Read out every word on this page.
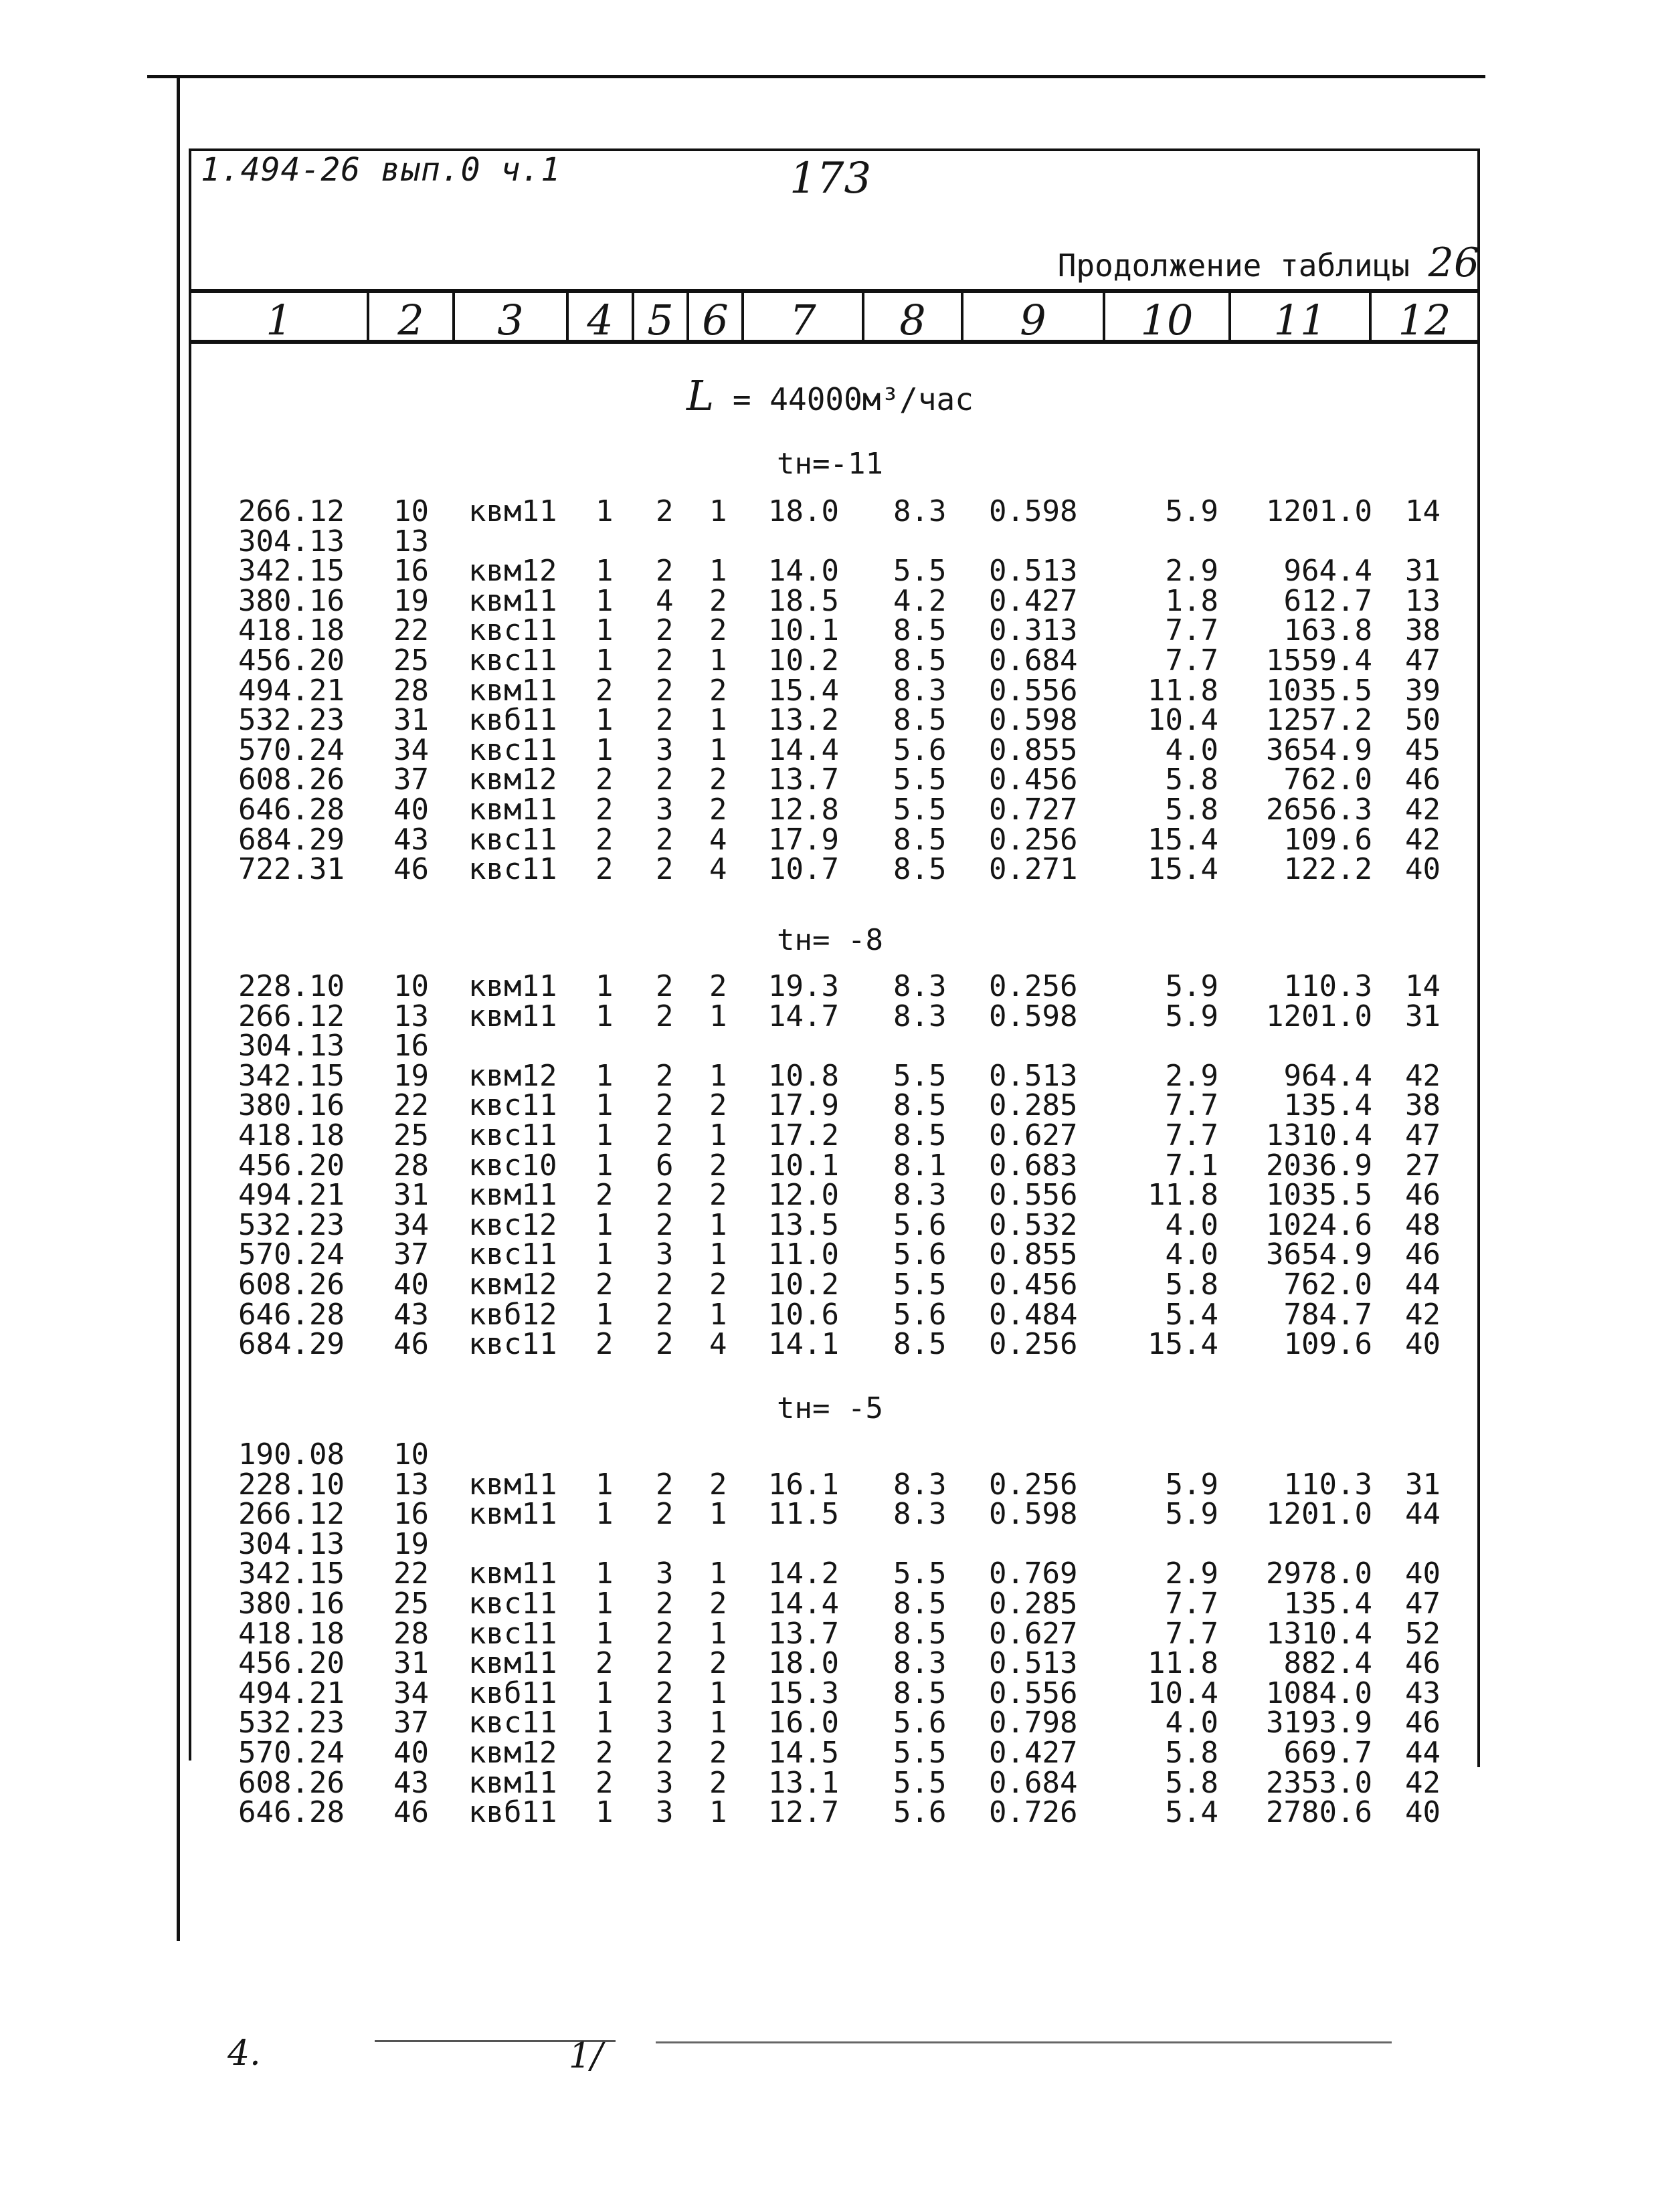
1.494-26 вып.0 ч.1	173
Продолжение таблицы 26
1	2	3	4 5 6	7	8	9	10	11	12
L = 44000м³/час
tн=-11
266.12 10 квм11 1 2 1 18.0 8.3 0.598	5.9 1201.0 14
304.13 13
342.15 16 квм12 1 2 1 14.0 5.5 0.513	2.9 964.4 31
380.16 19 квм11 1 4 2 18.5 4.2 0.427	1.8 612.7 13
418.18 22 квс11 1 2 2 10.1 8.5 0.313	7.7 163.8 38
456.20 25 квс11 1 2 1 10.2 8.5 0.684	7.7 1559.4 47
494.21 28 квм11 2 2 2 15.4 8.3 0.556 11.8 1035.5 39
532.23 31 квб11 1 2 1 13.2 8.5 0.598 10.4 1257.2 50
570.24 34 квс11 1 3 1 14.4 5.6 0.855	4.0 3654.9 45
608.26 37 квм12 2 2 2 13.7 5.5 0.456	5.8 762.0 46
646.28 40 квм11 2 3 2 12.8 5.5 0.727	5.8 2656.3 42
684.29 43 квс11 2 2 4 17.9 8.5 0.256 15.4 109.6 42
722.31 46 квс11 2 2 4 10.7 8.5 0.271 15.4 122.2 40
tн= -8
228.10 10 квм11 1 2 2 19.3 8.3 0.256	5.9 110.3 14
266.12 13 квм11 1 2 1 14.7 8.3 0.598	5.9 1201.0 31
304.13 16
342.15 19 квм12 1 2 1 10.8 5.5 0.513	2.9 964.4 42
380.16 22 квс11 1 2 2 17.9 8.5 0.285	7.7 135.4 38
418.18 25 квс11 1 2 1 17.2 8.5 0.627	7.7 1310.4 47
456.20 28 квс10 1 6 2 10.1 8.1 0.683	7.1 2036.9 27
494.21 31 квм11 2 2 2 12.0 8.3 0.556 11.8 1035.5 46
532.23 34 квс12 1 2 1 13.5 5.6 0.532	4.0 1024.6 48
570.24 37 квс11 1 3 1 11.0 5.6 0.855	4.0 3654.9 46
608.26 40 квм12 2 2 2 10.2 5.5 0.456	5.8 762.0 44
646.28 43 квб12 1 2 1 10.6 5.6 0.484	5.4 784.7 42
684.29 46 квс11 2 2 4 14.1 8.5 0.256 15.4 109.6 40
tн= -5
190.08 10
228.10 13 квм11 1 2 2 16.1 8.3 0.256	5.9 110.3 31
266.12 16 квм11 1 2 1 11.5 8.3 0.598	5.9 1201.0 44
304.13 19
342.15 22 квм11 1 3 1 14.2 5.5 0.769	2.9 2978.0 40
380.16 25 квс11 1 2 2 14.4 8.5 0.285	7.7 135.4 47
418.18 28 квс11 1 2 1 13.7 8.5 0.627	7.7 1310.4 52
456.20 31 квм11 2 2 2 18.0 8.3 0.513 11.8 882.4 46
494.21 34 квб11 1 2 1 15.3 8.5 0.556 10.4 1084.0 43
532.23 37 квс11 1 3 1 16.0 5.6 0.798	4.0 3193.9 46
570.24 40 квм12 2 2 2 14.5 5.5 0.427	5.8 669.7 44
608.26 43 квм11 2 3 2 13.1 5.5 0.684	5.8 2353.0 42
646.28 46 квб11 1 3 1 12.7 5.6 0.726	5.4 2780.6 40
4.	1/
